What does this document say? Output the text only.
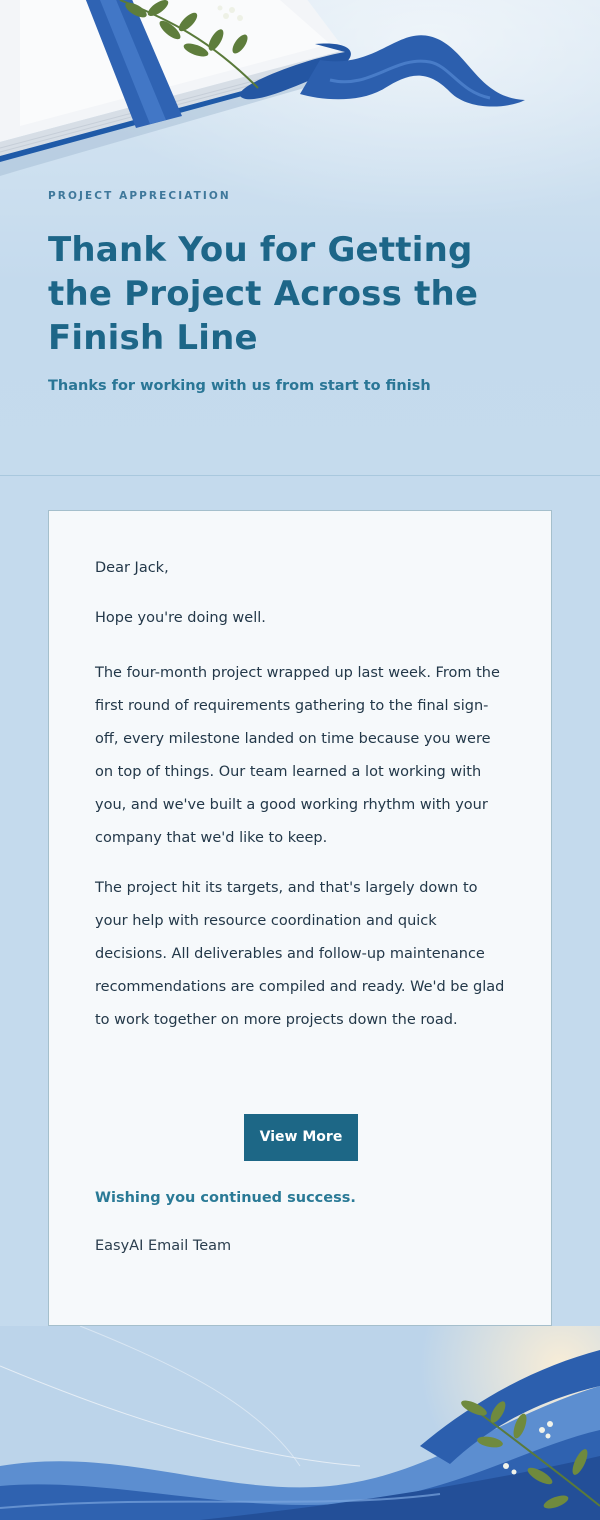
PROJECT APPRECIATION
Thank You for Getting the Project Across the Finish Line
Thanks for working with us from start to finish

Dear Jack,

Hope you're doing well.

The four-month project wrapped up last week. From the first round of requirements gathering to the final sign-off, every milestone landed on time because you were on top of things. Our team learned a lot working with you, and we've built a good working rhythm with your company that we'd like to keep.

The project hit its targets, and that's largely down to your help with resource coordination and quick decisions. All deliverables and follow-up maintenance recommendations are compiled and ready. We'd be glad to work together on more projects down the road.

View More
Wishing you continued success.
EasyAI Email Team
